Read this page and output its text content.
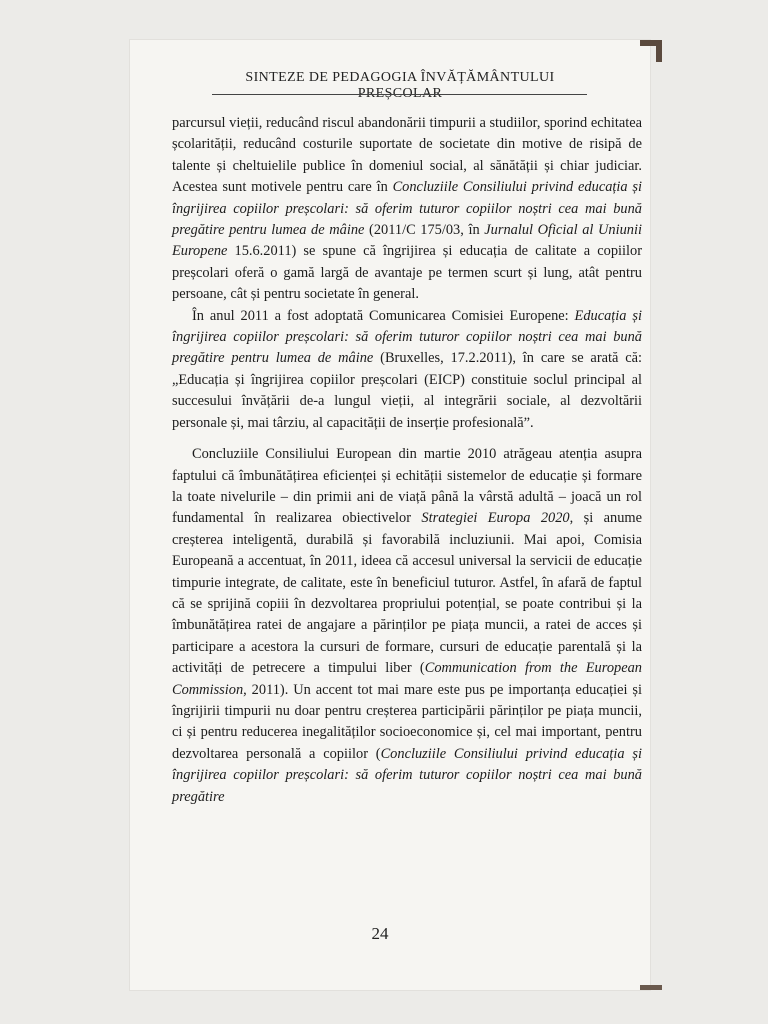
SINTEZE DE PEDAGOGIA ÎNVĂȚĂMÂNTULUI PREȘCOLAR

parcursul vieții, reducând riscul abandonării timpurii a studiilor, sporind echitatea școlarității, reducând costurile suportate de societate din motive de risipă de talente și cheltuielile publice în domeniul social, al sănătății și chiar judiciar. Acestea sunt motivele pentru care în Concluziile Consiliului privind educația și îngrijirea copiilor preșcolari: să oferim tuturor copiilor noștri cea mai bună pregătire pentru lumea de mâine (2011/C 175/03, în Jurnalul Oficial al Uniunii Europene 15.6.2011) se spune că îngrijirea și educația de calitate a copiilor preșcolari oferă o gamă largă de avantaje pe termen scurt și lung, atât pentru persoane, cât și pentru societate în general.

În anul 2011 a fost adoptată Comunicarea Comisiei Europene: Educația și îngrijirea copiilor preșcolari: să oferim tuturor copiilor noștri cea mai bună pregătire pentru lumea de mâine (Bruxelles, 17.2.2011), în care se arată că: „Educația și îngrijirea copiilor preșcolari (EICP) constituie soclul principal al succesului învățării de-a lungul vieții, al integrării sociale, al dezvoltării personale și, mai târziu, al capacității de inserție profesională”.

Concluziile Consiliului European din martie 2010 atrăgeau atenția asupra faptului că îmbunătățirea eficienței și echității sistemelor de educație și formare la toate nivelurile – din primii ani de viață până la vârstă adultă – joacă un rol fundamental în realizarea obiectivelor Strategiei Europa 2020, și anume creșterea inteligentă, durabilă și favorabilă incluziunii. Mai apoi, Comisia Europeană a accentuat, în 2011, ideea că accesul universal la servicii de educație timpurie integrate, de calitate, este în beneficiul tuturor. Astfel, în afară de faptul că se sprijină copiii în dezvoltarea propriului potențial, se poate contribui și la îmbunătățirea ratei de angajare a părinților pe piața muncii, a ratei de acces și participare a acestora la cursuri de formare, cursuri de educație parentală și la activități de petrecere a timpului liber (Communication from the European Commission, 2011). Un accent tot mai mare este pus pe importanța educației și îngrijirii timpurii nu doar pentru creșterea participării părinților pe piața muncii, ci și pentru reducerea inegalităților socioeconomice și, cel mai important, pentru dezvoltarea personală a copiilor (Concluziile Consiliului privind educația și îngrijirea copiilor preșcolari: să oferim tuturor copiilor noștri cea mai bună pregătire

24
